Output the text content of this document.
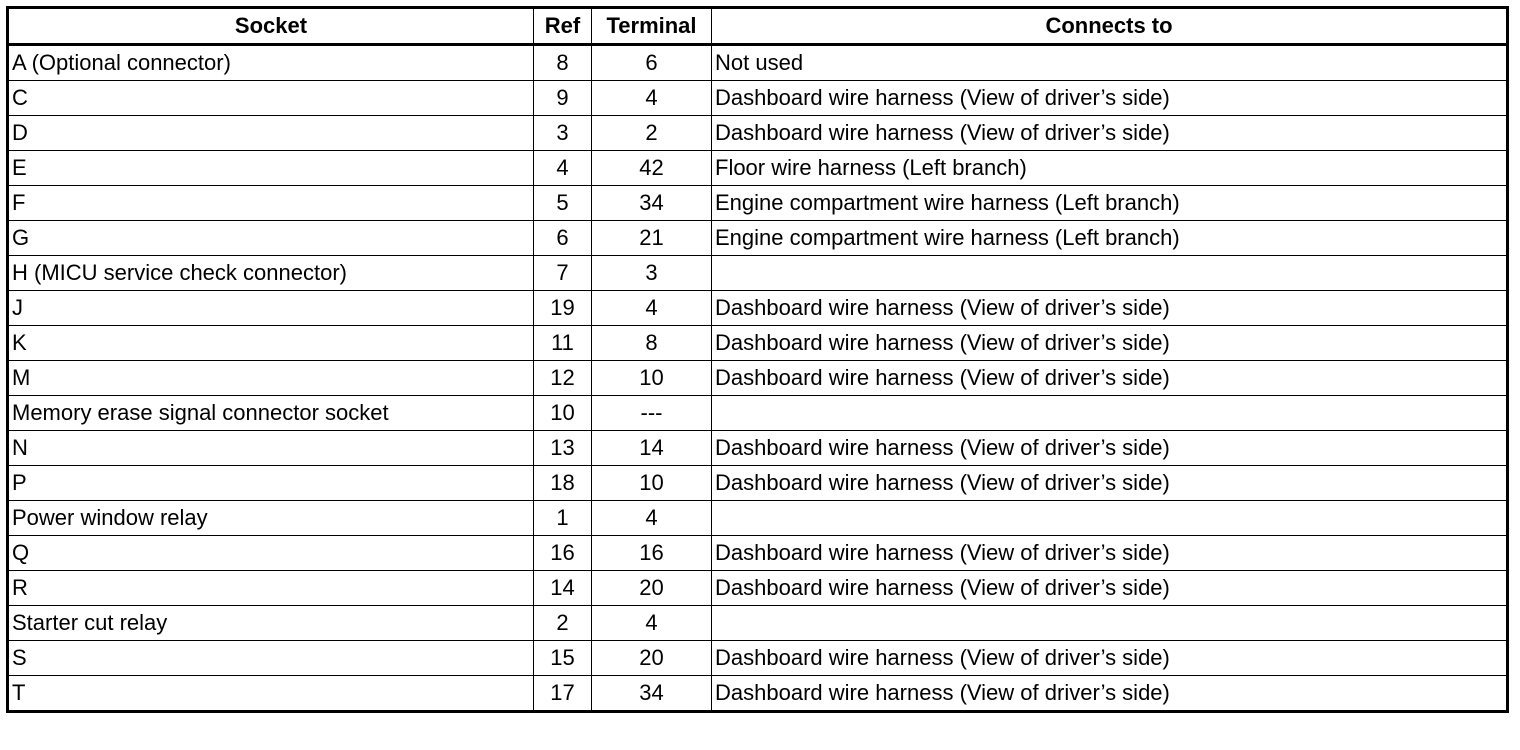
Socket	Ref	Terminal	Connects to
A (Optional connector)	8	6	Not used
C	9	4	Dashboard wire harness (View of driver’s side)
D	3	2	Dashboard wire harness (View of driver’s side)
E	4	42	Floor wire harness (Left branch)
F	5	34	Engine compartment wire harness (Left branch)
G	6	21	Engine compartment wire harness (Left branch)
H (MICU service check connector)	7	3	
J	19	4	Dashboard wire harness (View of driver’s side)
K	11	8	Dashboard wire harness (View of driver’s side)
M	12	10	Dashboard wire harness (View of driver’s side)
Memory erase signal connector socket	10	---	
N	13	14	Dashboard wire harness (View of driver’s side)
P	18	10	Dashboard wire harness (View of driver’s side)
Power window relay	1	4	
Q	16	16	Dashboard wire harness (View of driver’s side)
R	14	20	Dashboard wire harness (View of driver’s side)
Starter cut relay	2	4	
S	15	20	Dashboard wire harness (View of driver’s side)
T	17	34	Dashboard wire harness (View of driver’s side)
